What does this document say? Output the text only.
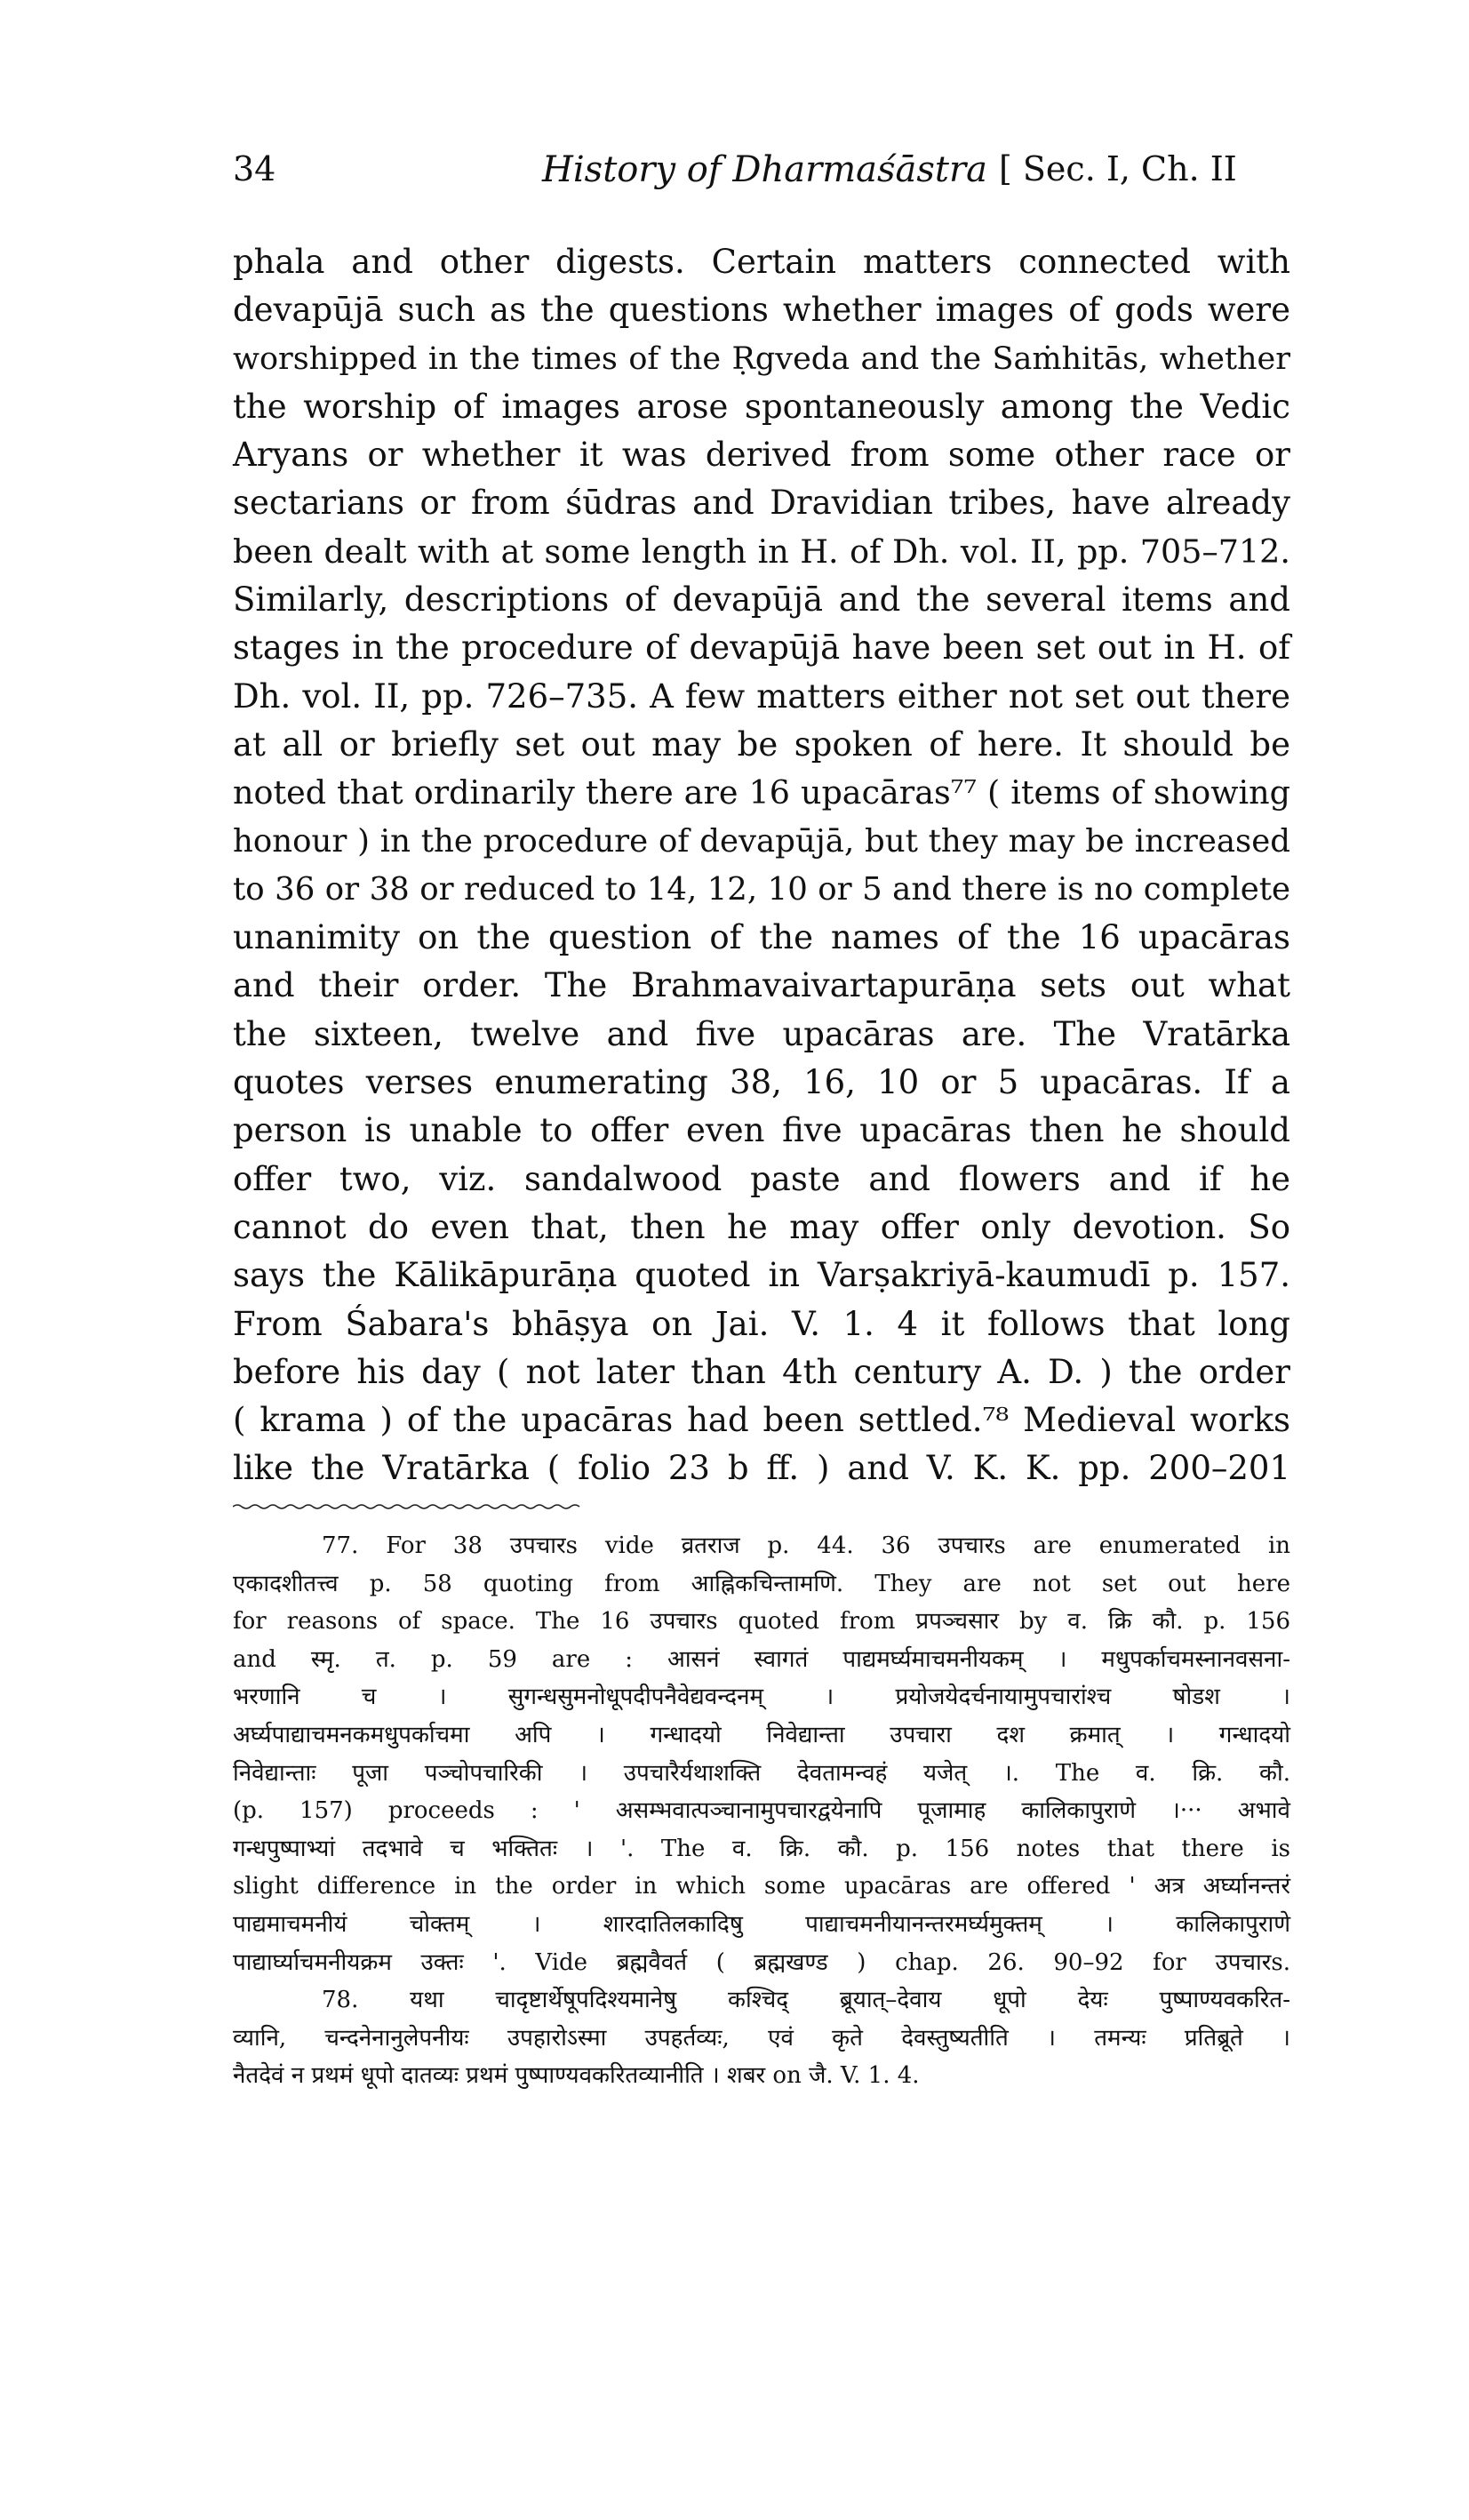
34	History of Dharmaśāstra [ Sec. I, Ch. II
phala and other digests. Certain matters connected with
devapūjā such as the questions whether images of gods were
worshipped in the times of the Ṛgveda and the Saṁhitās, whether
the worship of images arose spontaneously among the Vedic
Aryans or whether it was derived from some other race or
sectarians or from śūdras and Dravidian tribes, have already
been dealt with at some length in H. of Dh. vol. II, pp. 705–712.
Similarly, descriptions of devapūjā and the several items and
stages in the procedure of devapūjā have been set out in H. of
Dh. vol. II, pp. 726–735. A few matters either not set out there
at all or briefly set out may be spoken of here. It should be
noted that ordinarily there are 16 upacāras⁷⁷ ( items of showing
honour ) in the procedure of devapūjā, but they may be increased
to 36 or 38 or reduced to 14, 12, 10 or 5 and there is no complete
unanimity on the question of the names of the 16 upacāras
and their order. The Brahmavaivartapurāṇa sets out what
the sixteen, twelve and five upacāras are. The Vratārka
quotes verses enumerating 38, 16, 10 or 5 upacāras. If a
person is unable to offer even five upacāras then he should
offer two, viz. sandalwood paste and flowers and if he
cannot do even that, then he may offer only devotion. So
says the Kālikāpurāṇa quoted in Varṣakriyā-kaumudī p. 157.
From Śabara's bhāṣya on Jai. V. 1. 4 it follows that long
before his day ( not later than 4th century A. D. ) the order
( krama ) of the upacāras had been settled.⁷⁸ Medieval works
like the Vratārka ( folio 23 b ff. ) and V. K. K. pp. 200–201
77. For 38 उपचारs vide व्रतराज p. 44. 36 उपचारs are enumerated in
एकादशीतत्त्व p. 58 quoting from आह्निकचिन्तामणि. They are not set out here
for reasons of space. The 16 उपचारs quoted from प्रपञ्चसार by व. क्रि कौ. p. 156
and स्मृ. त. p. 59 are : आसनं स्वागतं पाद्यमर्घ्यमाचमनीयकम् । मधुपर्काचमस्नानवसना-
भरणानि च । सुगन्धसुमनोधूपदीपनैवेद्यवन्दनम् । प्रयोजयेदर्चनायामुपचारांश्च षोडश ।
अर्घ्यपाद्याचमनकमधुपर्काचमा अपि । गन्धादयो निवेद्यान्ता उपचारा दश क्रमात् । गन्धादयो
निवेद्यान्ताः पूजा पञ्चोपचारिकी । उपचारैर्यथाशक्ति देवतामन्वहं यजेत् ।. The व. क्रि. कौ.
(p. 157) proceeds : ' असम्भवात्पञ्चानामुपचारद्वयेनापि पूजामाह कालिकापुराणे ।··· अभावे
गन्धपुष्पाभ्यां तदभावे च भक्तितः । '. The व. क्रि. कौ. p. 156 notes that there is
slight difference in the order in which some upacāras are offered ' अत्र अर्घ्यानन्तरं
पाद्यमाचमनीयं चोक्तम् । शारदातिलकादिषु पाद्याचमनीयानन्तरमर्घ्यमुक्तम् । कालिकापुराणे
पाद्यार्घ्याचमनीयक्रम उक्तः '. Vide ब्रह्मवैवर्त ( ब्रह्मखण्ड ) chap. 26. 90–92 for उपचारs.
78. यथा चादृष्टार्थेषूपदिश्यमानेषु कश्चिद् ब्रूयात्–देवाय धूपो देयः पुष्पाण्यवकरित-
व्यानि, चन्दनेनानुलेपनीयः उपहारोऽस्मा उपहर्तव्यः, एवं कृते देवस्तुष्यतीति । तमन्यः प्रतिब्रूते ।
नैतदेवं न प्रथमं धूपो दातव्यः प्रथमं पुष्पाण्यवकरितव्यानीति । शबर on जै. V. 1. 4.
